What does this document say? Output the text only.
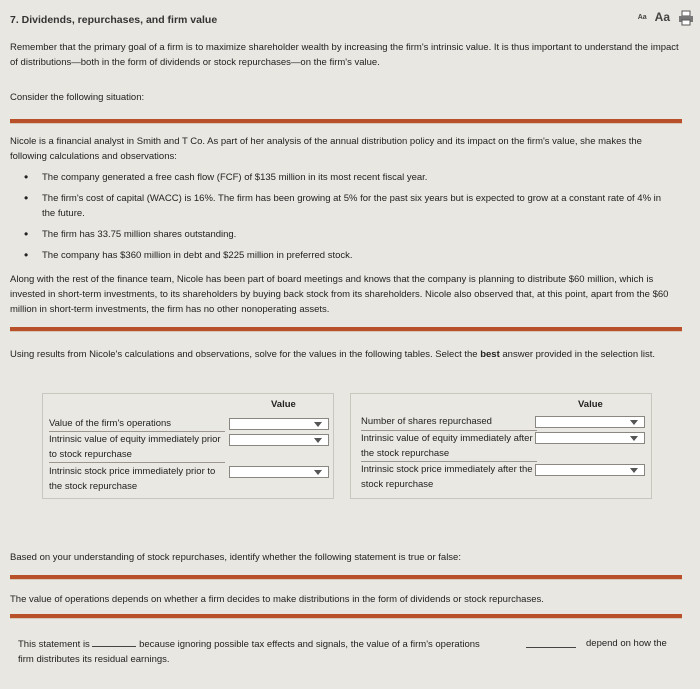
7. Dividends, repurchases, and firm value	Aa Aa
Remember that the primary goal of a firm is to maximize shareholder wealth by increasing the firm's intrinsic value. It is thus important to understand the impact of distributions—both in the form of dividends or stock repurchases—on the firm's value.
Consider the following situation:
Nicole is a financial analyst in Smith and T Co. As part of her analysis of the annual distribution policy and its impact on the firm's value, she makes the following calculations and observations:
• The company generated a free cash flow (FCF) of $135 million in its most recent fiscal year.
• The firm's cost of capital (WACC) is 16%. The firm has been growing at 5% for the past six years but is expected to grow at a constant rate of 4% in the future.
• The firm has 33.75 million shares outstanding.
• The company has $360 million in debt and $225 million in preferred stock.
Along with the rest of the finance team, Nicole has been part of board meetings and knows that the company is planning to distribute $60 million, which is invested in short-term investments, to its shareholders by buying back stock from its shareholders. Nicole also observed that, at this point, apart from the $60 million in short-term investments, the firm has no other nonoperating assets.
Using results from Nicole's calculations and observations, solve for the values in the following tables. Select the best answer provided in the selection list.
Value
Value of the firm's operations
Intrinsic value of equity immediately prior to stock repurchase
Intrinsic stock price immediately prior to the stock repurchase
Value
Number of shares repurchased
Intrinsic value of equity immediately after the stock repurchase
Intrinsic stock price immediately after the stock repurchase
Based on your understanding of stock repurchases, identify whether the following statement is true or false:
The value of operations depends on whether a firm decides to make distributions in the form of dividends or stock repurchases.
This statement is	because ignoring possible tax effects and signals, the value of a firm's operations	depend on how the
firm distributes its residual earnings.
